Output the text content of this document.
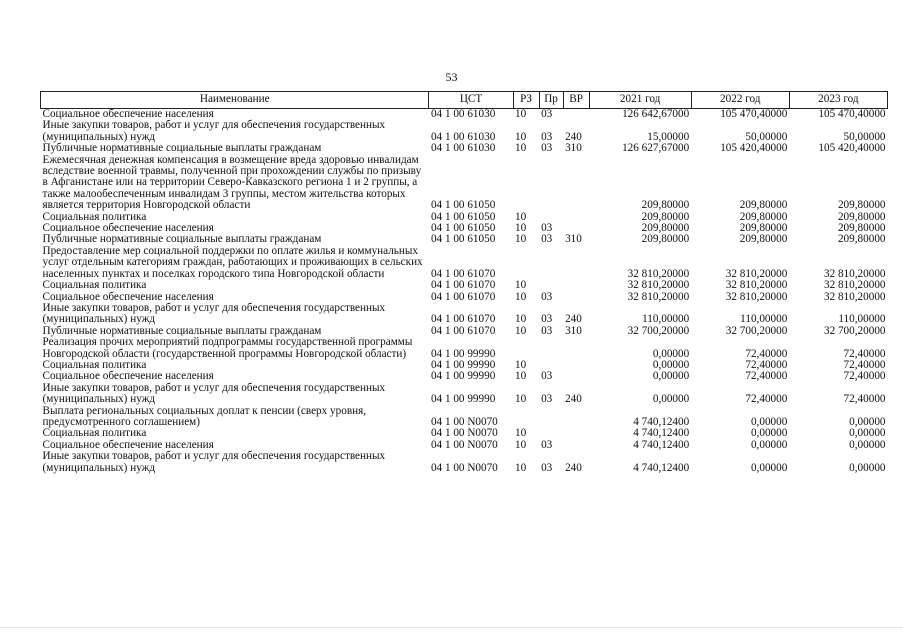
53
Наименование	ЦСТ	РЗ	Пр	ВР	2021 год	2022 год	2023 год
Социальное обеспечение населения	04 1 00 61030	10	03		126 642,67000	105 470,40000	105 470,40000
Иные закупки товаров, работ и услуг для обеспечения государственных (муниципальных) нужд	04 1 00 61030	10	03	240	15,00000	50,00000	50,00000
Публичные нормативные социальные выплаты гражданам	04 1 00 61030	10	03	310	126 627,67000	105 420,40000	105 420,40000
Ежемесячная денежная компенсация в возмещение вреда здоровью инвалидам вследствие военной травмы, полученной при прохождении службы по призыву в Афганистане или на территории Северо-Кавказского региона 1 и 2 группы, а также малообеспеченным инвалидам 3 группы, местом жительства которых является территория Новгородской области	04 1 00 61050				209,80000	209,80000	209,80000
Социальная политика	04 1 00 61050	10			209,80000	209,80000	209,80000
Социальное обеспечение населения	04 1 00 61050	10	03		209,80000	209,80000	209,80000
Публичные нормативные социальные выплаты гражданам	04 1 00 61050	10	03	310	209,80000	209,80000	209,80000
Предоставление мер социальной поддержки по оплате жилья и коммунальных услуг отдельным категориям граждан, работающих и проживающих в сельских населенных пунктах и поселках городского типа Новгородской области	04 1 00 61070				32 810,20000	32 810,20000	32 810,20000
Социальная политика	04 1 00 61070	10			32 810,20000	32 810,20000	32 810,20000
Социальное обеспечение населения	04 1 00 61070	10	03		32 810,20000	32 810,20000	32 810,20000
Иные закупки товаров, работ и услуг для обеспечения государственных (муниципальных) нужд	04 1 00 61070	10	03	240	110,00000	110,00000	110,00000
Публичные нормативные социальные выплаты гражданам	04 1 00 61070	10	03	310	32 700,20000	32 700,20000	32 700,20000
Реализация прочих мероприятий подпрограммы государственной программы Новгородской области (государственной программы Новгородской области)	04 1 00 99990				0,00000	72,40000	72,40000
Социальная политика	04 1 00 99990	10			0,00000	72,40000	72,40000
Социальное обеспечение населения	04 1 00 99990	10	03		0,00000	72,40000	72,40000
Иные закупки товаров, работ и услуг для обеспечения государственных (муниципальных) нужд	04 1 00 99990	10	03	240	0,00000	72,40000	72,40000
Выплата региональных социальных доплат к пенсии (сверх уровня, предусмотренного соглашением)	04 1 00 N0070				4 740,12400	0,00000	0,00000
Социальная политика	04 1 00 N0070	10			4 740,12400	0,00000	0,00000
Социальное обеспечение населения	04 1 00 N0070	10	03		4 740,12400	0,00000	0,00000
Иные закупки товаров, работ и услуг для обеспечения государственных (муниципальных) нужд	04 1 00 N0070	10	03	240	4 740,12400	0,00000	0,00000
